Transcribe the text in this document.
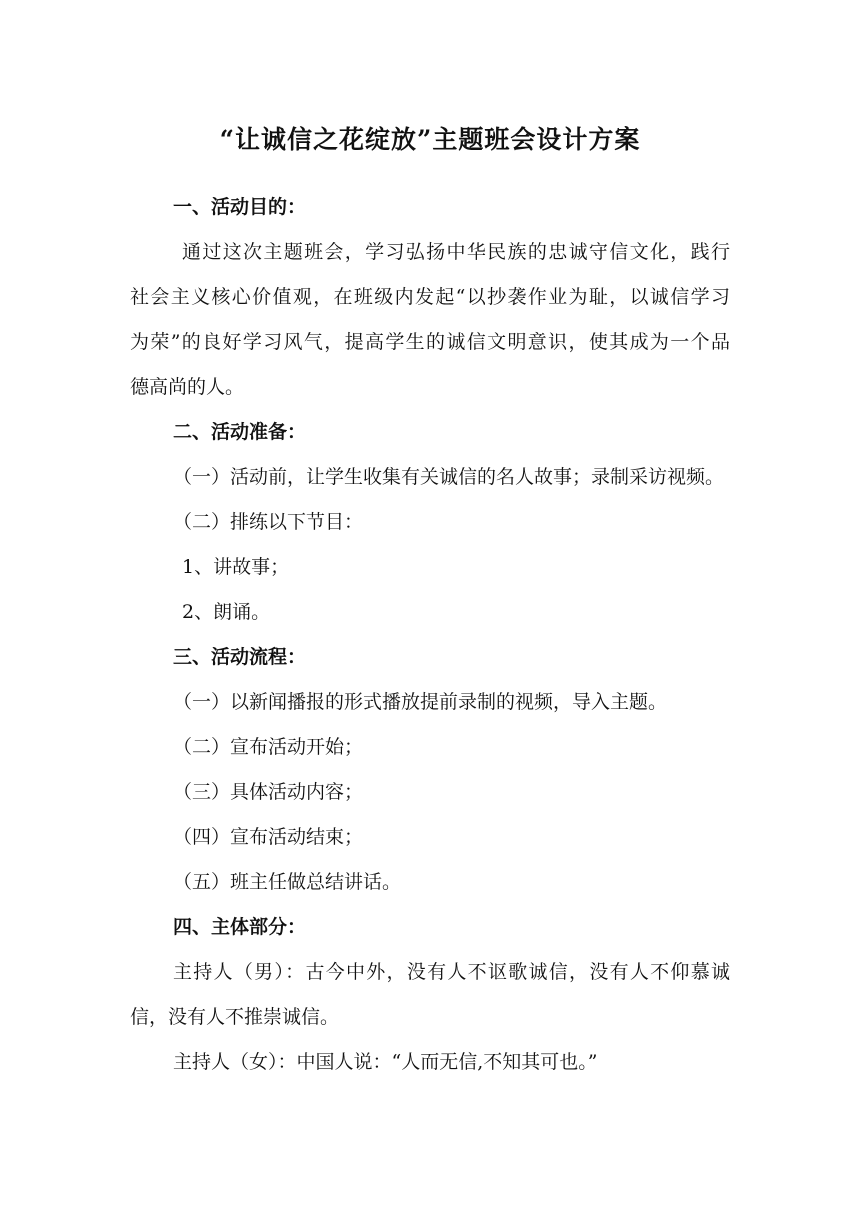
“让诚信之花绽放”主题班会设计方案

一、活动目的：

通过这次主题班会，学习弘扬中华民族的忠诚守信文化，践行

社会主义核心价值观，在班级内发起“以抄袭作业为耻，以诚信学习

为荣”的良好学习风气，提高学生的诚信文明意识，使其成为一个品

德高尚的人。

二、活动准备：

（一）活动前，让学生收集有关诚信的名人故事；录制采访视频。

（二）排练以下节目：

1、讲故事；

2、朗诵。

三、活动流程：

（一）以新闻播报的形式播放提前录制的视频，导入主题。

（二）宣布活动开始；

（三）具体活动内容；

（四）宣布活动结束；

（五）班主任做总结讲话。

四、主体部分：

主持人（男）：古今中外，没有人不讴歌诚信，没有人不仰慕诚

信，没有人不推崇诚信。

主持人（女）：中国人说：“人而无信,不知其可也。”
